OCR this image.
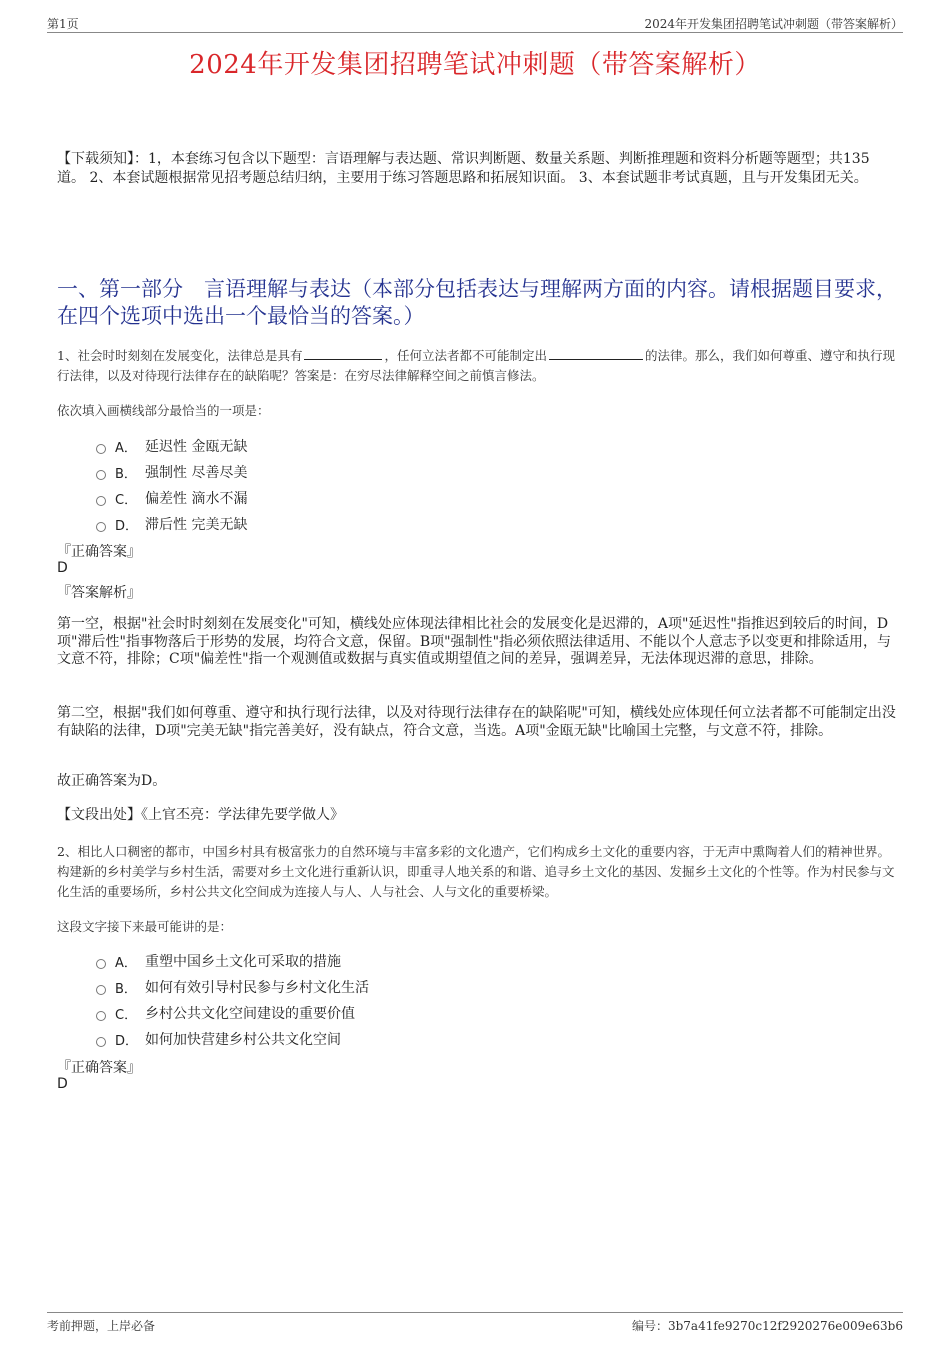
第1页	2024年开发集团招聘笔试冲刺题（带答案解析）
2024年开发集团招聘笔试冲刺题（带答案解析）
【下载须知】：1，本套练习包含以下题型：言语理解与表达题、常识判断题、数量关系题、判断推理题和资料分析题等题型；共135道。 2、本套试题根据常见招考题总结归纳，主要用于练习答题思路和拓展知识面。 3、本套试题非考试真题，且与开发集团无关。
一、第一部分　言语理解与表达（本部分包括表达与理解两方面的内容。请根据题目要求，在四个选项中选出一个最恰当的答案。）
1、社会时时刻刻在发展变化，法律总是具有	，任何立法者都不可能制定出	的法律。那么，我们如何尊重、遵守和执行现行法律，以及对待现行法律存在的缺陷呢？答案是：在穷尽法律解释空间之前慎言修法。
依次填入画横线部分最恰当的一项是：
A． 延迟性 金瓯无缺
B． 强制性 尽善尽美
C． 偏差性 滴水不漏
D． 滞后性 完美无缺
『正确答案』
D
『答案解析』
第一空，根据"社会时时刻刻在发展变化"可知，横线处应体现法律相比社会的发展变化是迟滞的，A项"延迟性"指推迟到较后的时间，D项"滞后性"指事物落后于形势的发展，均符合文意，保留。B项"强制性"指必须依照法律适用、不能以个人意志予以变更和排除适用，与文意不符，排除；C项"偏差性"指一个观测值或数据与真实值或期望值之间的差异，强调差异，无法体现迟滞的意思，排除。
第二空，根据"我们如何尊重、遵守和执行现行法律，以及对待现行法律存在的缺陷呢"可知，横线处应体现任何立法者都不可能制定出没有缺陷的法律，D项"完美无缺"指完善美好，没有缺点，符合文意，当选。A项"金瓯无缺"比喻国土完整，与文意不符，排除。
故正确答案为D。
【文段出处】《上官丕亮：学法律先要学做人》
2、相比人口稠密的都市，中国乡村具有极富张力的自然环境与丰富多彩的文化遗产，它们构成乡土文化的重要内容，于无声中熏陶着人们的精神世界。构建新的乡村美学与乡村生活，需要对乡土文化进行重新认识，即重寻人地关系的和谐、追寻乡土文化的基因、发掘乡土文化的个性等。作为村民参与文化生活的重要场所，乡村公共文化空间成为连接人与人、人与社会、人与文化的重要桥梁。
这段文字接下来最可能讲的是：
A． 重塑中国乡土文化可采取的措施
B． 如何有效引导村民参与乡村文化生活
C． 乡村公共文化空间建设的重要价值
D． 如何加快营建乡村公共文化空间
『正确答案』
D
考前押题，上岸必备	编号：3b7a41fe9270c12f2920276e009e63b6
